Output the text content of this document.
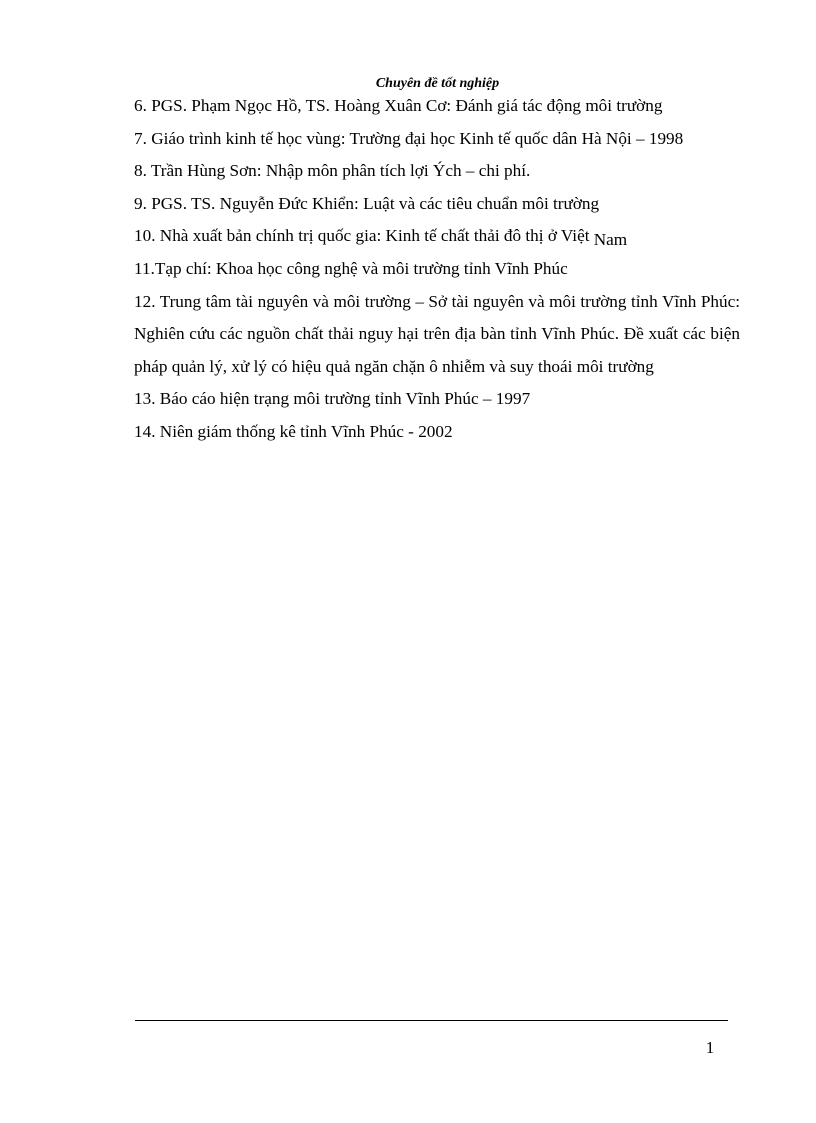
Chuyên đề tốt nghiệp

6. PGS. Phạm Ngọc Hồ, TS. Hoàng Xuân Cơ: Đánh giá tác động môi trường

7. Giáo trình kinh tế học vùng: Trường đại học Kinh tế quốc dân Hà Nội – 1998

8. Trần Hùng Sơn: Nhập môn phân tích lợi Ých – chi phí.

9. PGS. TS. Nguyễn Đức Khiển: Luật và các tiêu chuẩn môi trường

10. Nhà xuất bản chính trị quốc gia: Kinh tế chất thải đô thị ở Việt Nam

11.Tạp chí: Khoa học công nghệ và môi trường tỉnh Vĩnh Phúc

12. Trung tâm tài nguyên và môi trường – Sở tài nguyên và môi trường tỉnh Vĩnh Phúc: Nghiên cứu các nguồn chất thải nguy hại trên địa bàn tỉnh Vĩnh Phúc. Đề xuất các biện pháp quản lý, xử lý có hiệu quả ngăn chặn ô nhiễm và suy thoái môi trường

13. Báo cáo hiện trạng môi trường tỉnh Vĩnh Phúc – 1997

14. Niên giám thống kê tỉnh Vĩnh Phúc - 2002

1
